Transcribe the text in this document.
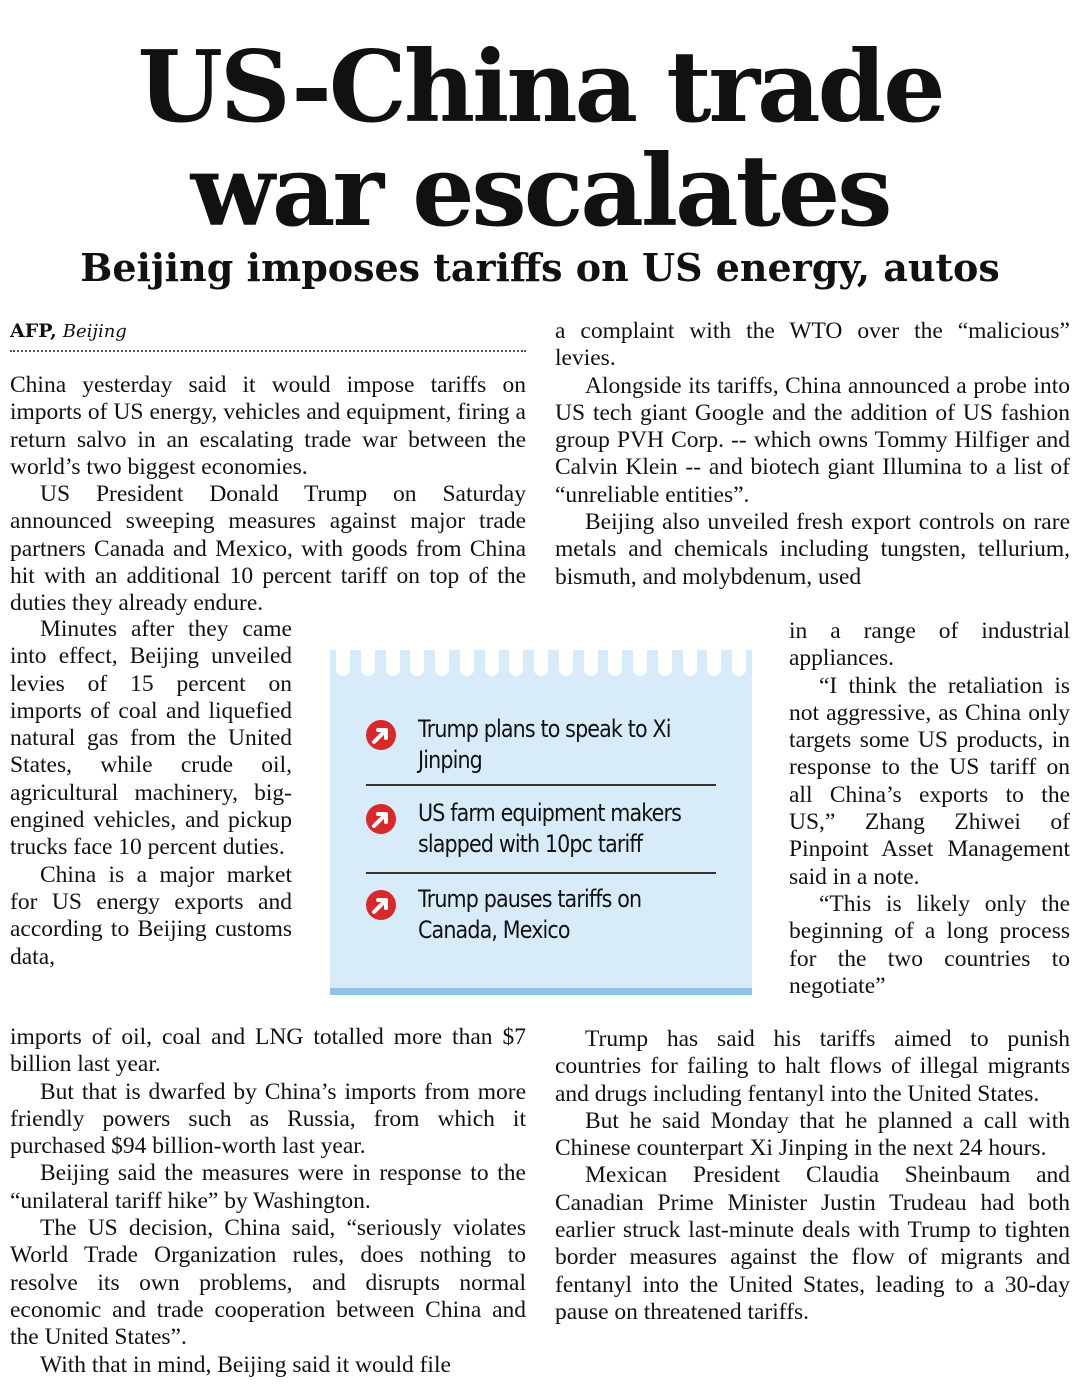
US-China trade
war escalates
Beijing imposes tariffs on US energy, autos
AFP, Beijing

China yesterday said it would impose tariffs on imports of US energy, vehicles and equipment, firing a return salvo in an escalating trade war between the world’s two biggest economies.

US President Donald Trump on Saturday announced sweeping measures against major trade partners Canada and Mexico, with goods from China hit with an additional 10 percent tariff on top of the duties they already endure.

Minutes after they came into effect, Beijing unveiled levies of 15 percent on imports of coal and liquefied natural gas from the United States, while crude oil, agricultural machinery, big-engined vehicles, and pickup trucks face 10 percent duties.

China is a major market for US energy exports and according to Beijing customs data,

imports of oil, coal and LNG totalled more than $7 billion last year.

But that is dwarfed by China’s imports from more friendly powers such as Russia, from which it purchased $94 billion-worth last year.

Beijing said the measures were in response to the “unilateral tariff hike” by Washington.

The US decision, China said, “seriously violates World Trade Organization rules, does nothing to resolve its own problems, and disrupts normal economic and trade cooperation between China and the United States”.

With that in mind, Beijing said it would file

a complaint with the WTO over the “malicious” levies.

Alongside its tariffs, China announced a probe into US tech giant Google and the addition of US fashion group PVH Corp. -- which owns Tommy Hilfiger and Calvin Klein -- and biotech giant Illumina to a list of “unreliable entities”.

Beijing also unveiled fresh export controls on rare metals and chemicals including tungsten, tellurium, bismuth, and molybdenum, used

in a range of industrial appliances.

“I think the retaliation is not aggressive, as China only targets some US products, in response to the US tariff on all China’s exports to the US,” Zhang Zhiwei of Pinpoint Asset Management said in a note.

“This is likely only the beginning of a long process for the two countries to negotiate”

Trump has said his tariffs aimed to punish countries for failing to halt flows of illegal migrants and drugs including fentanyl into the United States.

But he said Monday that he planned a call with Chinese counterpart Xi Jinping in the next 24 hours.

Mexican President Claudia Sheinbaum and Canadian Prime Minister Justin Trudeau had both earlier struck last-minute deals with Trump to tighten border measures against the flow of migrants and fentanyl into the United States, leading to a 30-day pause on threatened tariffs.

Trump plans to speak to Xi
Jinping
US farm equipment makers
slapped with 10pc tariff
Trump pauses tariffs on
Canada, Mexico
